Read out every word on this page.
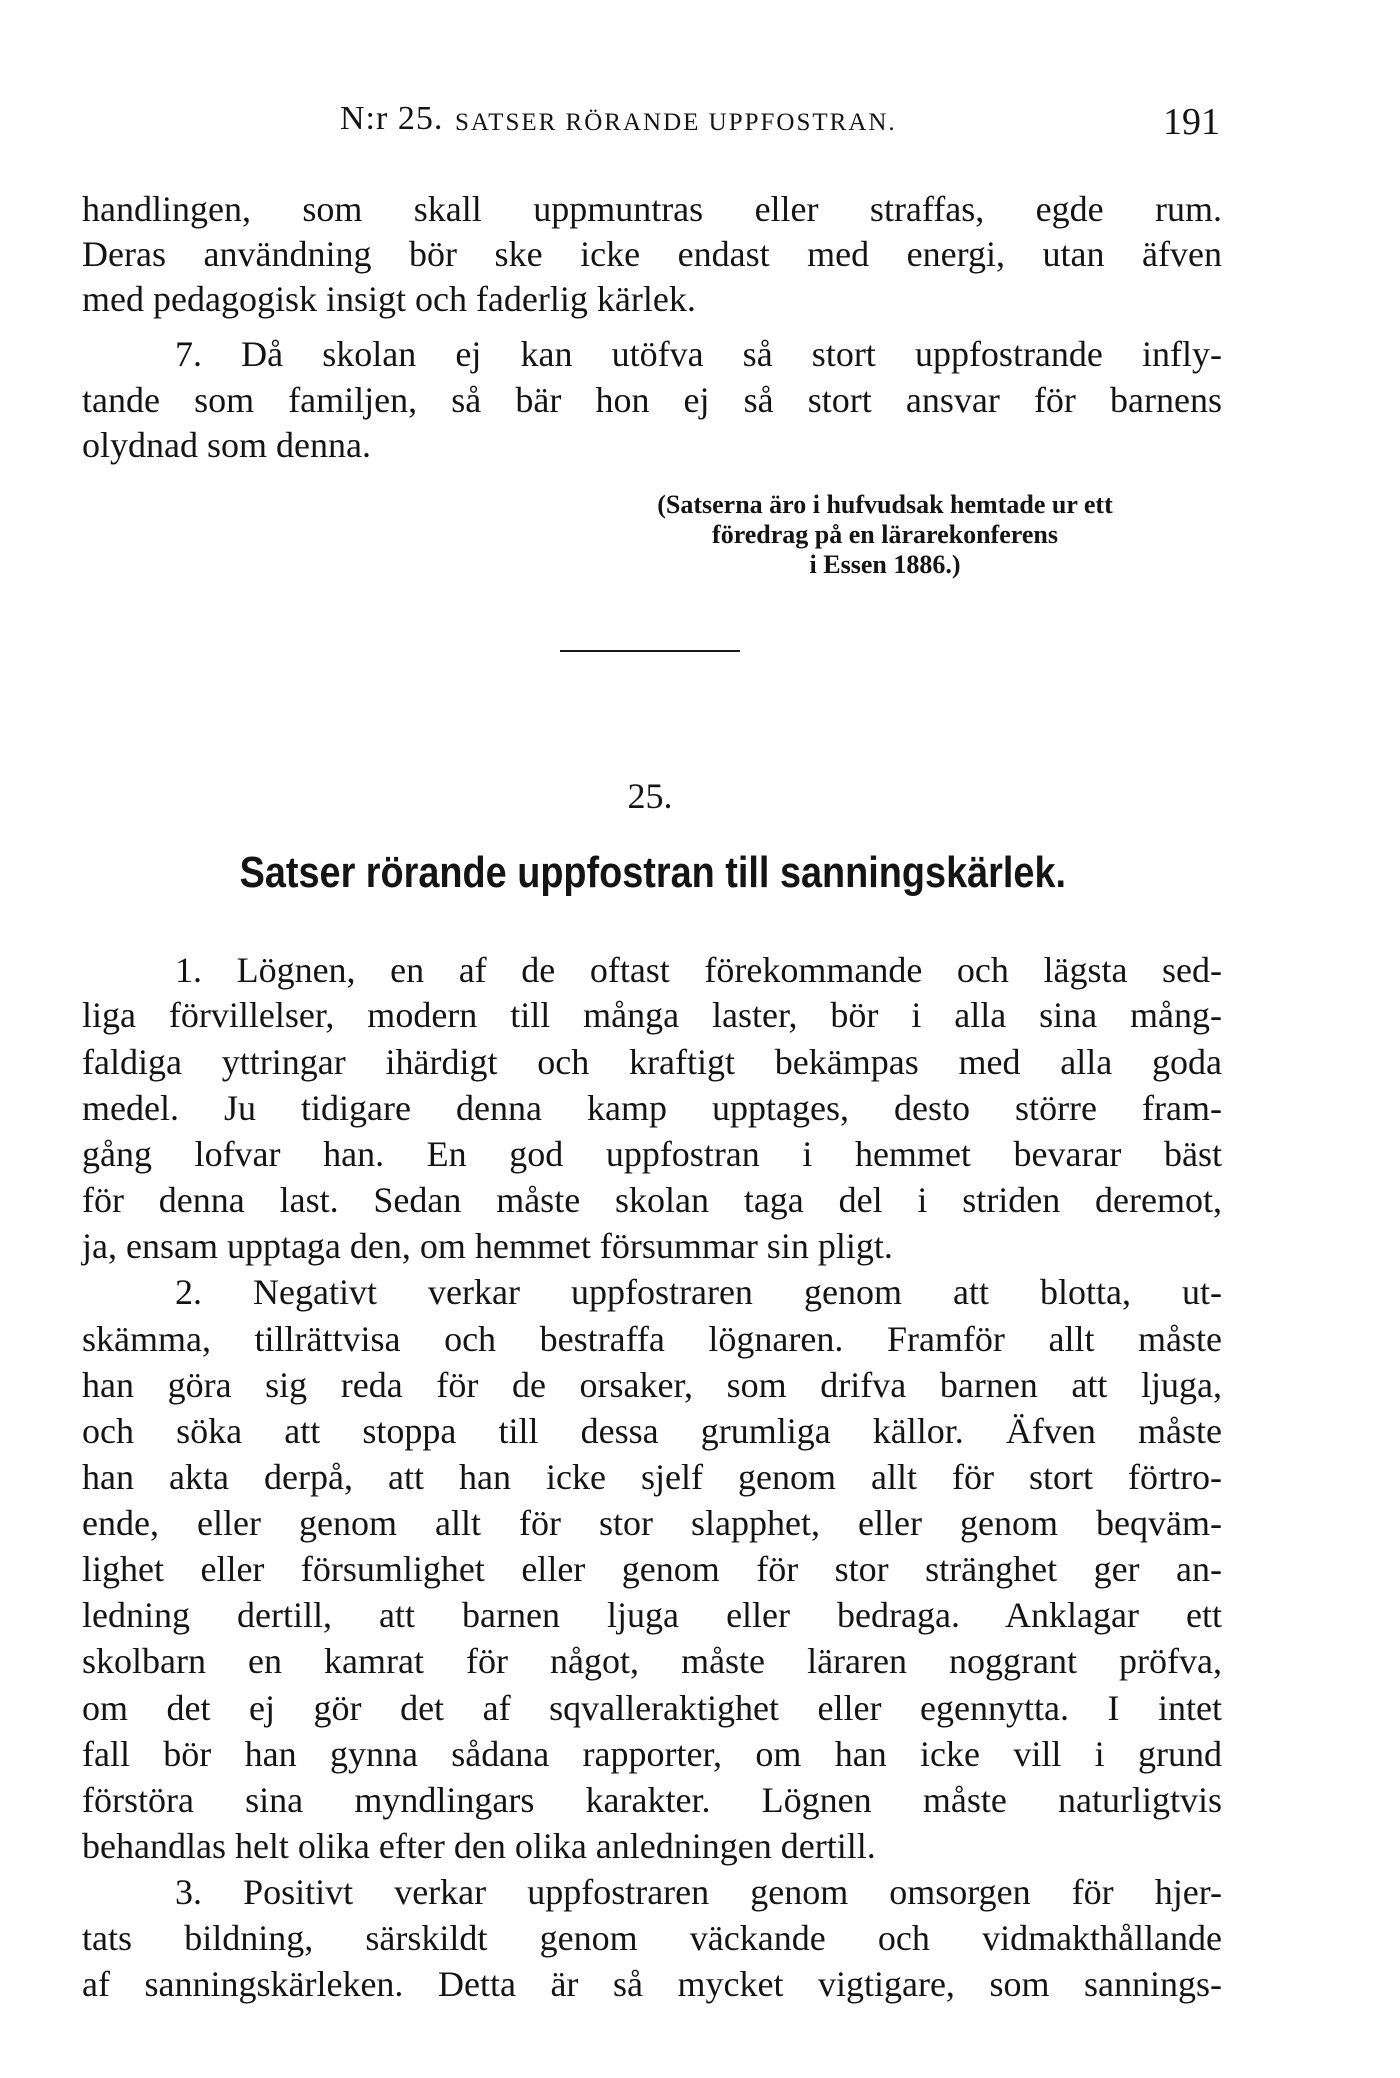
N:r 25. SATSER RÖRANDE UPPFOSTRAN.	191
handlingen, som skall uppmuntras eller straffas, egde rum.
Deras användning bör ske icke endast med energi, utan äfven
med pedagogisk insigt och faderlig kärlek.
7. Då skolan ej kan utöfva så stort uppfostrande infly-
tande som familjen, så bär hon ej så stort ansvar för barnens
olydnad som denna.
(Satserna äro i hufvudsak hemtade ur ett
föredrag på en lärarekonferens
i Essen 1886.)
25.
Satser rörande uppfostran till sanningskärlek.
1. Lögnen, en af de oftast förekommande och lägsta sed-
liga förvillelser, modern till många laster, bör i alla sina mång-
faldiga yttringar ihärdigt och kraftigt bekämpas med alla goda
medel. Ju tidigare denna kamp upptages, desto större fram-
gång lofvar han. En god uppfostran i hemmet bevarar bäst
för denna last. Sedan måste skolan taga del i striden deremot,
ja, ensam upptaga den, om hemmet försummar sin pligt.
2. Negativt verkar uppfostraren genom att blotta, ut-
skämma, tillrättvisa och bestraffa lögnaren. Framför allt måste
han göra sig reda för de orsaker, som drifva barnen att ljuga,
och söka att stoppa till dessa grumliga källor. Äfven måste
han akta derpå, att han icke sjelf genom allt för stort förtro-
ende, eller genom allt för stor slapphet, eller genom beqväm-
lighet eller försumlighet eller genom för stor stränghet ger an-
ledning dertill, att barnen ljuga eller bedraga. Anklagar ett
skolbarn en kamrat för något, måste läraren noggrant pröfva,
om det ej gör det af sqvalleraktighet eller egennytta. I intet
fall bör han gynna sådana rapporter, om han icke vill i grund
förstöra sina myndlingars karakter. Lögnen måste naturligtvis
behandlas helt olika efter den olika anledningen dertill.
3. Positivt verkar uppfostraren genom omsorgen för hjer-
tats bildning, särskildt genom väckande och vidmakthållande
af sanningskärleken. Detta är så mycket vigtigare, som sannings-
